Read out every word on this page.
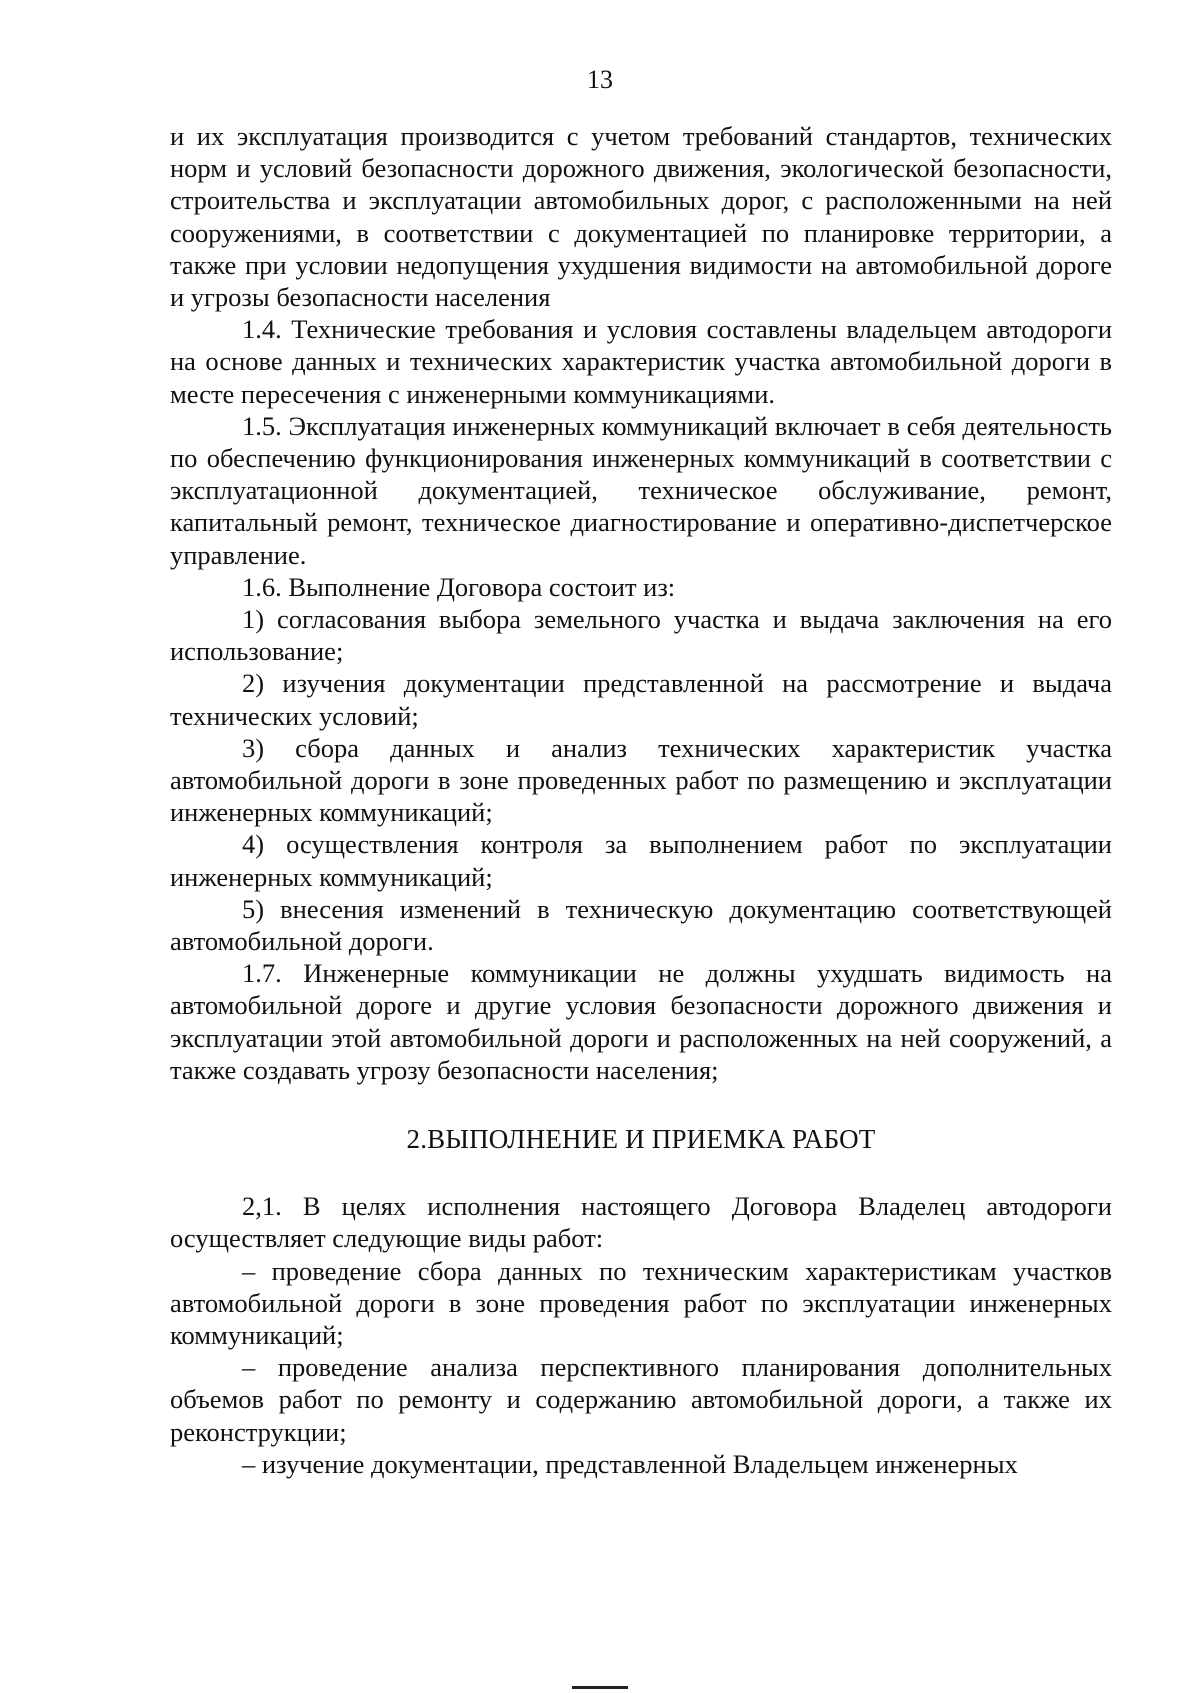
13

и их эксплуатация производится с учетом требований стандартов, технических норм и условий безопасности дорожного движения, экологической безопасности, строительства и эксплуатации автомобильных дорог, с расположенными на ней сооружениями, в соответствии с документацией по планировке территории, а также при условии недопущения ухудшения видимости на автомобильной дороге и угрозы безопасности населения

1.4. Технические требования и условия составлены владельцем автодороги на основе данных и технических характеристик участка автомобильной дороги в месте пересечения с инженерными коммуникациями.

1.5. Эксплуатация инженерных коммуникаций включает в себя деятельность по обеспечению функционирования инженерных коммуникаций в соответствии с эксплуатационной документацией, техническое обслуживание, ремонт, капитальный ремонт, техническое диагностирование и оперативно-диспетчерское управление.

1.6. Выполнение Договора состоит из:

1) согласования выбора земельного участка и выдача заключения на его использование;

2) изучения документации представленной на рассмотрение и выдача технических условий;

3) сбора данных и анализ технических характеристик участка автомобильной дороги в зоне проведенных работ по размещению и эксплуатации инженерных коммуникаций;

4) осуществления контроля за выполнением работ по эксплуатации инженерных коммуникаций;

5) внесения изменений в техническую документацию соответствующей автомобильной дороги.

1.7. Инженерные коммуникации не должны ухудшать видимость на автомобильной дороге и другие условия безопасности дорожного движения и эксплуатации этой автомобильной дороги и расположенных на ней сооружений, а также создавать угрозу безопасности населения;

2.ВЫПОЛНЕНИЕ И ПРИЕМКА РАБОТ

2,1. В целях исполнения настоящего Договора Владелец автодороги осуществляет следующие виды работ:

– проведение сбора данных по техническим характеристикам участков автомобильной дороги в зоне проведения работ по эксплуатации инженерных коммуникаций;

– проведение анализа перспективного планирования дополнительных объемов работ по ремонту и содержанию автомобильной дороги, а также их реконструкции;

– изучение документации, представленной Владельцем инженерных
